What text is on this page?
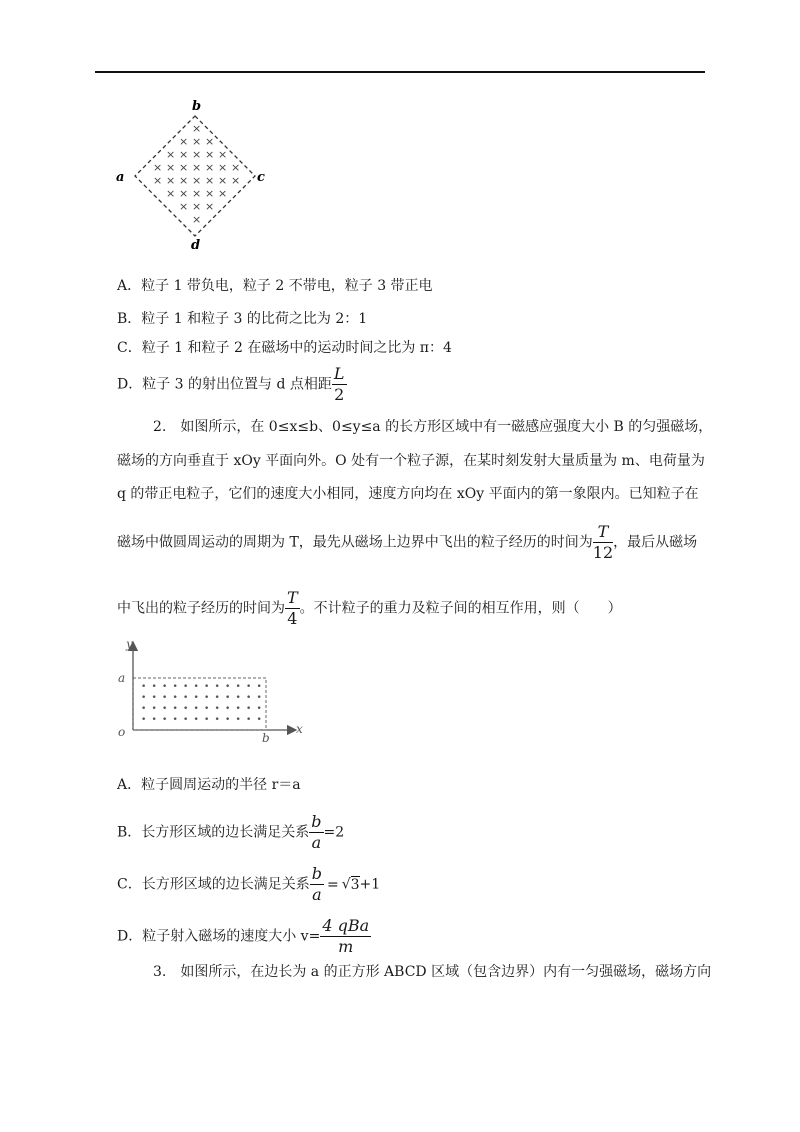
b
a	c
d
×
× × ×
× × × × ×
× × × × × × ×
× × × × × × ×
× × × × ×
× × ×
×
A．粒子 1 带负电，粒子 2 不带电，粒子 3 带正电
B．粒子 1 和粒子 3 的比荷之比为 2：1
C．粒子 1 和粒子 2 在磁场中的运动时间之比为 π：4
D．粒子 3 的射出位置与 d 点相距 $\frac{L}{2}$
2. 如图所示，在 0≤x≤b、0≤y≤a 的长方形区域中有一磁感应强度大小 B 的匀强磁场，
磁场的方向垂直于 xOy 平面向外。O 处有一个粒子源，在某时刻发射大量质量为 m、电荷量为
q 的带正电粒子，它们的速度大小相同，速度方向均在 xOy 平面内的第一象限内。已知粒子在
磁场中做圆周运动的周期为 T，最先从磁场上边界中飞出的粒子经历的时间为 $\frac{T}{12}$ ，最后从磁场
中飞出的粒子经历的时间为 $\frac{T}{4}$ 。不计粒子的重力及粒子间的相互作用，则（　　）
y
x
a
o	b
• • • • • • • • • • • •
• • • • • • • • • • • •
• • • • • • • • • • • •
• • • • • • • • • • • •
A．粒子圆周运动的半径 r＝a
B．长方形区域的边长满足关系 $\frac{b}{a} =2$
C．长方形区域的边长满足关系 $\frac{b}{a} = √3+1$
D．粒子射入磁场的速度大小 $v= \frac{\text{4 qBa}}{m}$
3. 如图所示，在边长为 a 的正方形 ABCD 区域（包含边界）内有一匀强磁场，磁场方向
